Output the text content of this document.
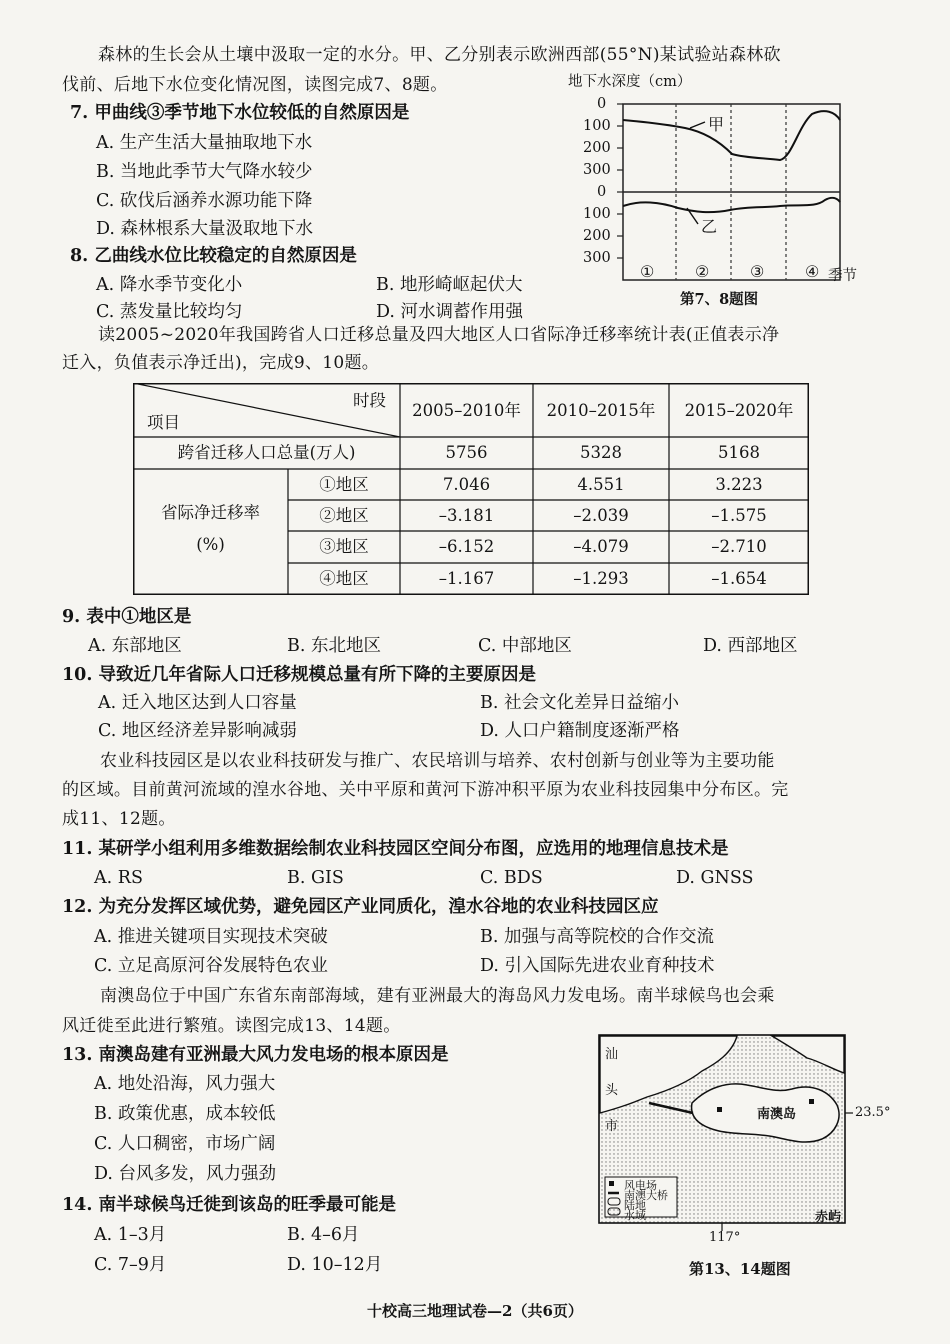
森林的生长会从土壤中汲取一定的水分。甲、乙分别表示欧洲西部(55°N)某试验站森林砍
伐前、后地下水位变化情况图，读图完成7、8题。
7. 甲曲线③季节地下水位较低的自然原因是
A. 生产生活大量抽取地下水
B. 当地此季节大气降水较少
C. 砍伐后涵养水源功能下降
D. 森林根系大量汲取地下水
8. 乙曲线水位比较稳定的自然原因是
A. 降水季节变化小	B. 地形崎岖起伏大
C. 蒸发量比较均匀	D. 河水调蓄作用强
地下水深度（cm）
0
100
200
300
0
100
200
300
甲
乙
①	②	③	④ 季节
第7、8题图
读2005~2020年我国跨省人口迁移总量及四大地区人口省际净迁移率统计表(正值表示净
迁入，负值表示净迁出)，完成9、10题。
时段
项目
2005–2010年	2010–2015年	2015–2020年
跨省迁移人口总量(万人)	5756	5328	5168
省际净迁移率
(%)
①地区	7.046	4.551	3.223
②地区	–3.181	–2.039	–1.575
③地区	–6.152	–4.079	–2.710
④地区	–1.167	–1.293	–1.654
9. 表中①地区是
A. 东部地区	B. 东北地区	C. 中部地区	D. 西部地区
10. 导致近几年省际人口迁移规模总量有所下降的主要原因是
A. 迁入地区达到人口容量	B. 社会文化差异日益缩小
C. 地区经济差异影响减弱	D. 人口户籍制度逐渐严格
农业科技园区是以农业科技研发与推广、农民培训与培养、农村创新与创业等为主要功能
的区域。目前黄河流域的湟水谷地、关中平原和黄河下游冲积平原为农业科技园集中分布区。完
成11、12题。
11. 某研学小组利用多维数据绘制农业科技园区空间分布图，应选用的地理信息技术是
A. RS	B. GIS	C. BDS	D. GNSS
12. 为充分发挥区域优势，避免园区产业同质化，湟水谷地的农业科技园区应
A. 推进关键项目实现技术突破	B. 加强与高等院校的合作交流
C. 立足高原河谷发展特色农业	D. 引入国际先进农业育种技术
南澳岛位于中国广东省东南部海域，建有亚洲最大的海岛风力发电场。南半球候鸟也会乘
风迁徙至此进行繁殖。读图完成13、14题。
13. 南澳岛建有亚洲最大风力发电场的根本原因是
A. 地处沿海，风力强大
B. 政策优惠，成本较低
C. 人口稠密，市场广阔
D. 台风多发，风力强劲
14. 南半球候鸟迁徙到该岛的旺季最可能是
A. 1–3月	B. 4–6月
C. 7–9月	D. 10–12月
汕
头
市
南澳岛	23.5°
117°
赤屿
风电场
南澳大桥
陆地
水域
第13、14题图
十校高三地理试卷—2（共6页）
